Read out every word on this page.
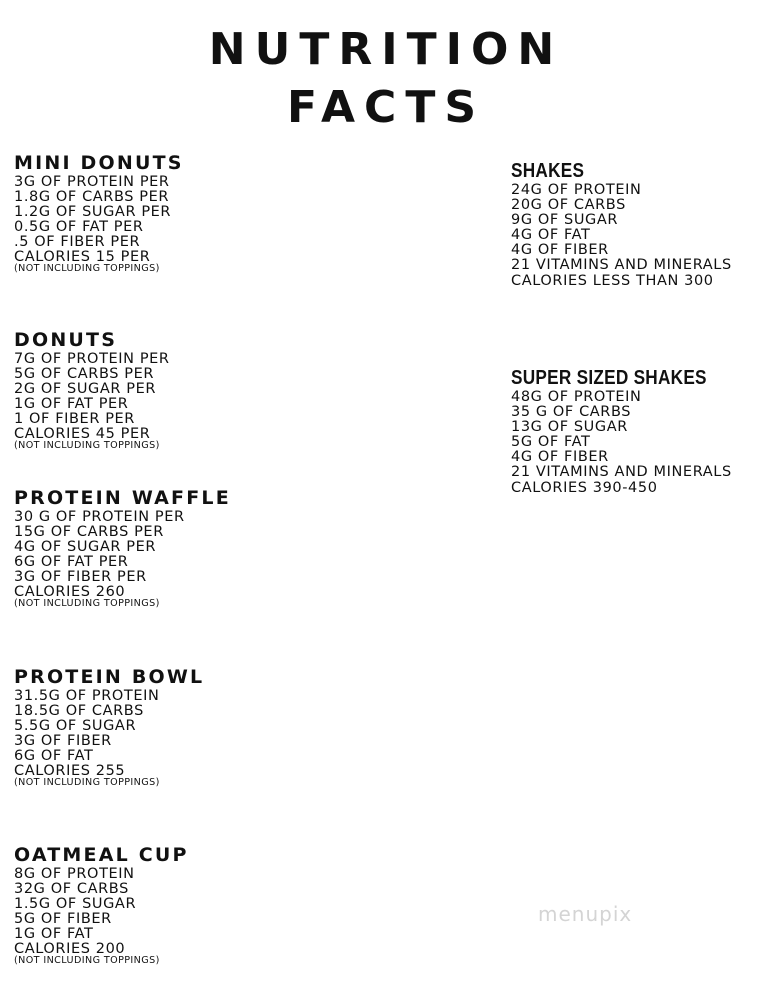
NUTRITION
FACTS
MINI DONUTS
3G OF PROTEIN PER
1.8G OF CARBS PER
1.2G OF SUGAR PER
0.5G OF FAT PER
.5 OF FIBER PER
CALORIES 15 PER

(NOT INCLUDING TOPPINGS)

DONUTS
7G OF PROTEIN PER
5G OF CARBS PER
2G OF SUGAR PER
1G OF FAT PER
1 OF FIBER PER
CALORIES 45 PER

(NOT INCLUDING TOPPINGS)

PROTEIN WAFFLE
30 G OF PROTEIN PER
15G OF CARBS PER
4G OF SUGAR PER
6G OF FAT PER
3G OF FIBER PER
CALORIES 260

(NOT INCLUDING TOPPINGS)

PROTEIN BOWL
31.5G OF PROTEIN
18.5G OF CARBS
5.5G OF SUGAR
3G OF FIBER
6G OF FAT
CALORIES 255

(NOT INCLUDING TOPPINGS)

OATMEAL CUP
8G OF PROTEIN
32G OF CARBS
1.5G OF SUGAR
5G OF FIBER
1G OF FAT
CALORIES 200

(NOT INCLUDING TOPPINGS)

SHAKES
24G OF PROTEIN
20G OF CARBS
9G OF SUGAR
4G OF FAT
4G OF FIBER
21 VITAMINS AND MINERALS
CALORIES LESS THAN 300
SUPER SIZED SHAKES
48G OF PROTEIN
35 G OF CARBS
13G OF SUGAR
5G OF FAT
4G OF FIBER
21 VITAMINS AND MINERALS
CALORIES 390-450

menupix
